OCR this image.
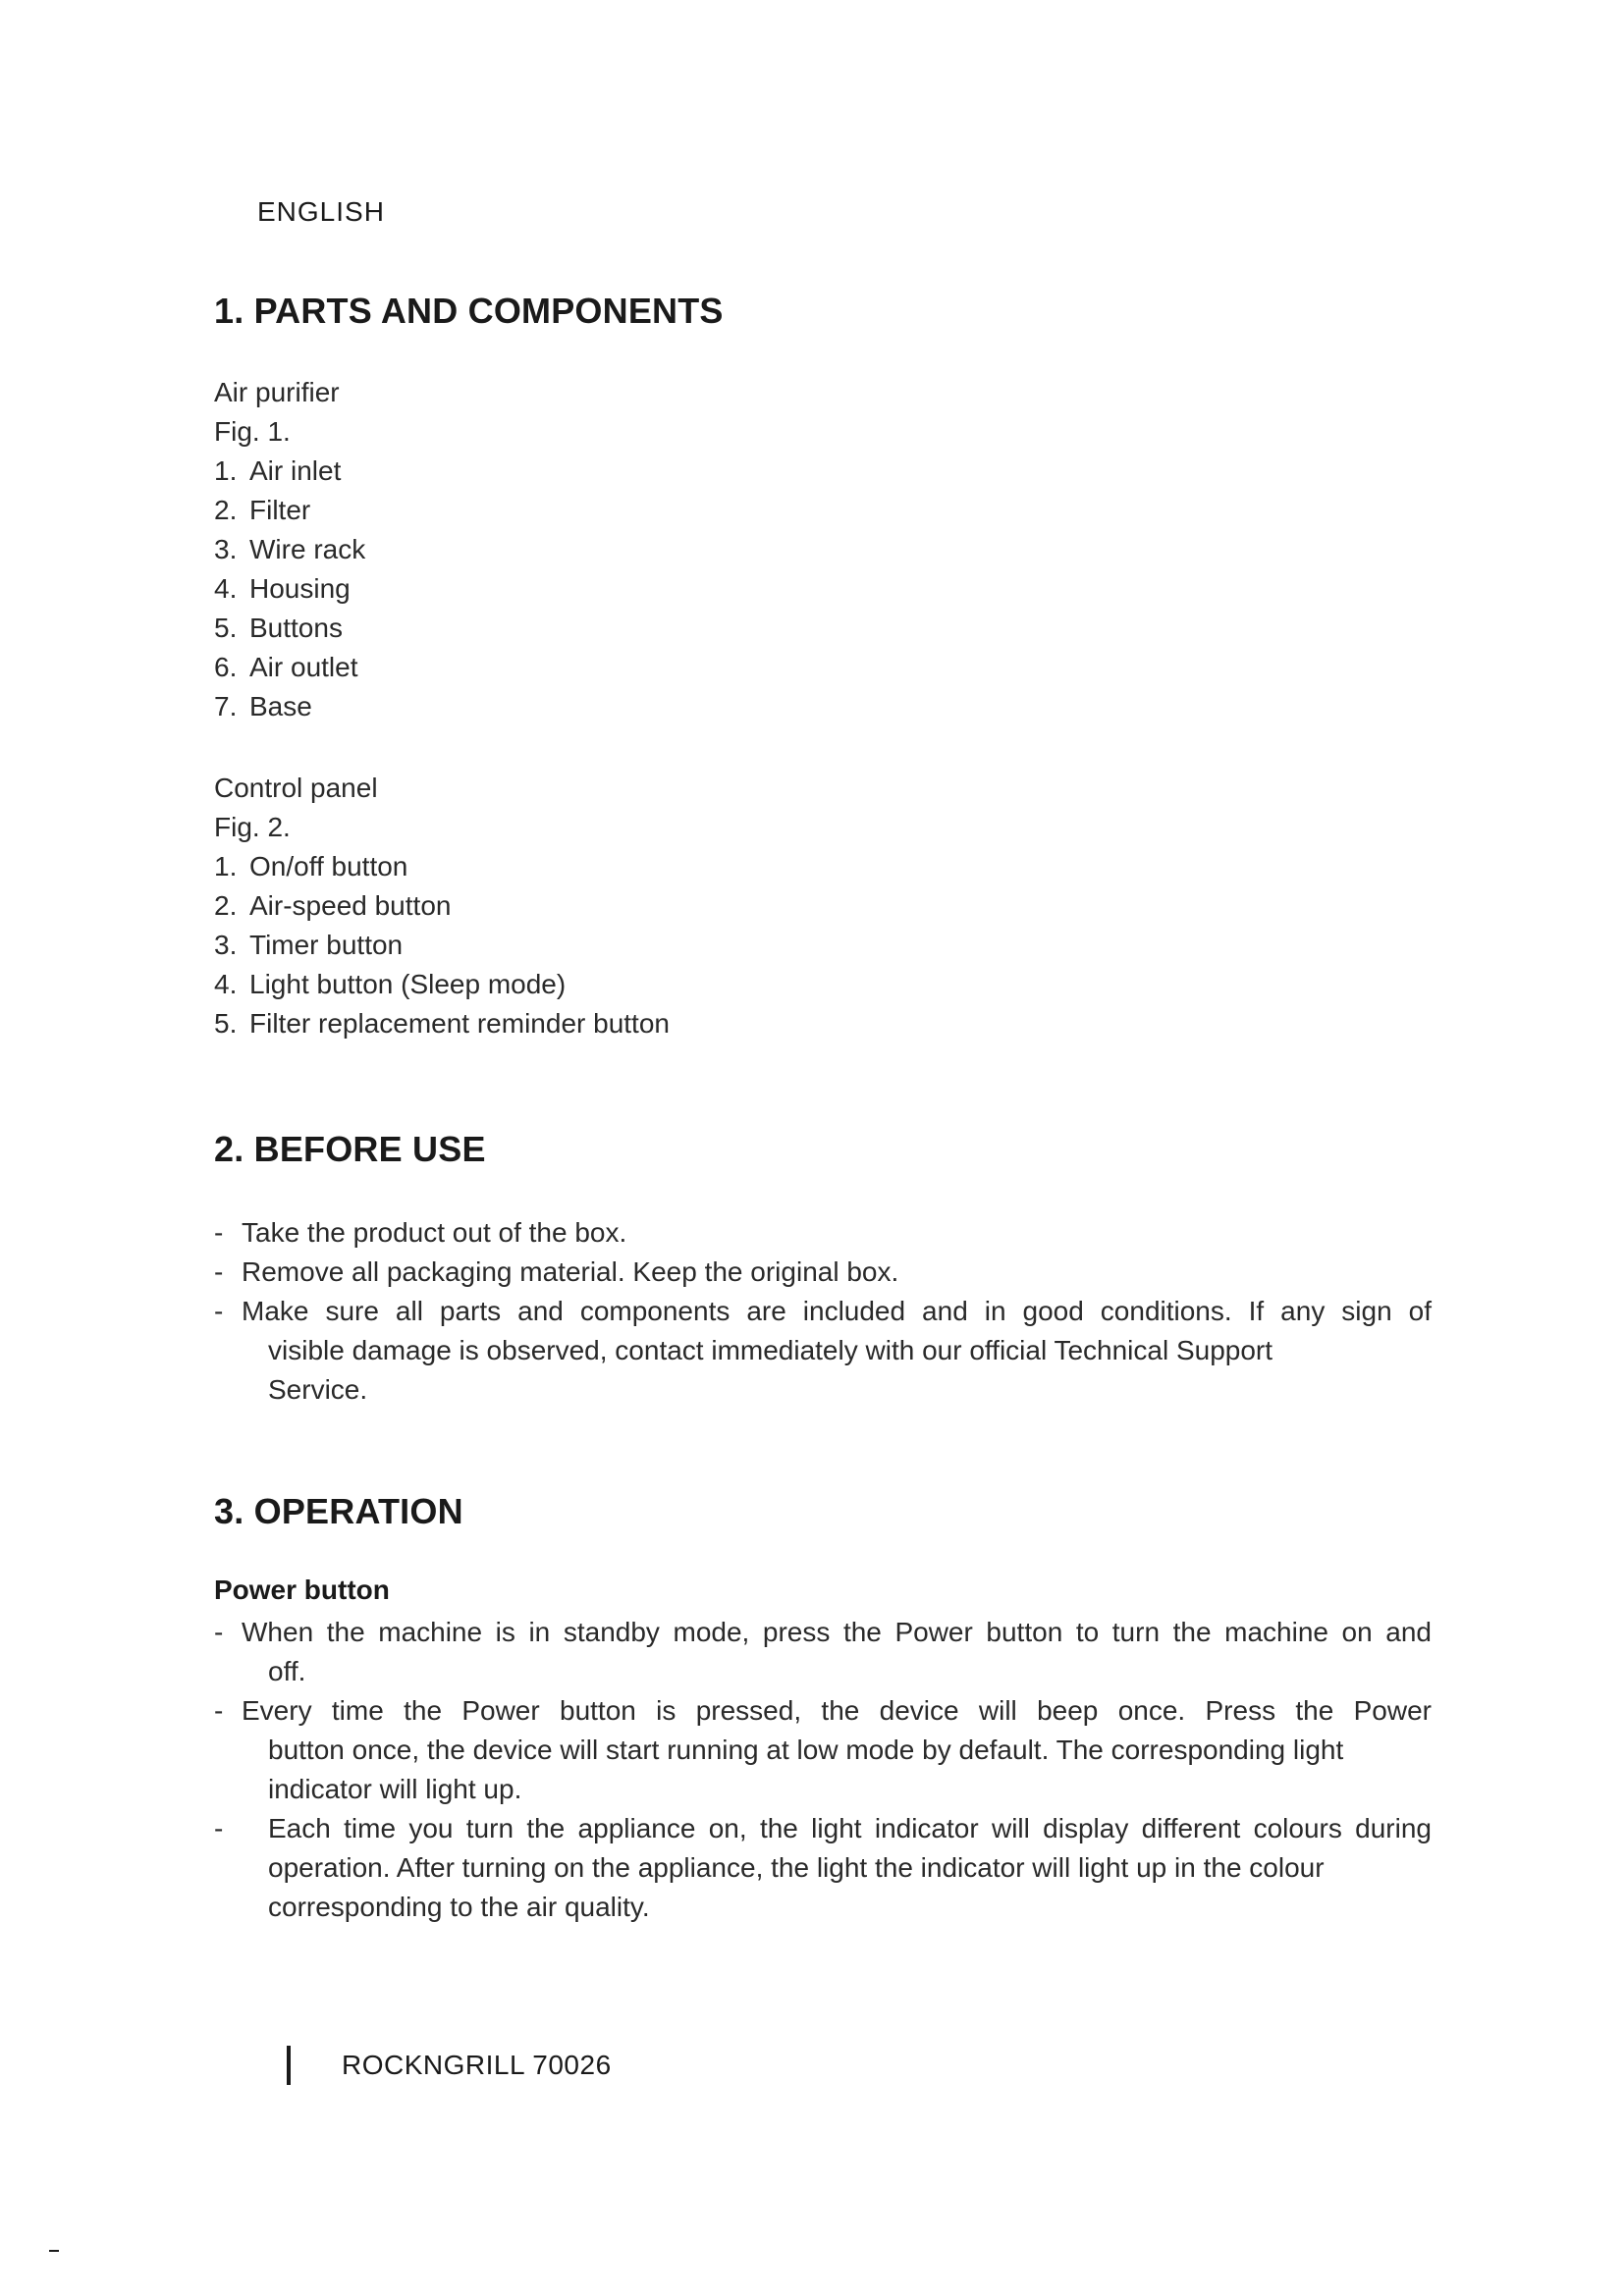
ENGLISH
1. PARTS AND COMPONENTS
Air purifier
Fig. 1.
1. Air inlet
2. Filter
3. Wire rack
4. Housing
5. Buttons
6. Air outlet
7. Base
Control panel
Fig. 2.
1. On/off button
2. Air-speed button
3. Timer button
4. Light button (Sleep mode)
5. Filter replacement reminder button
2. BEFORE USE
- Take the product out of the box.
- Remove all packaging material. Keep the original box.
- Make sure all parts and components are included and in good conditions. If any sign of
visible damage is observed, contact immediately with our official Technical Support
Service.
3. OPERATION
Power button
- When the machine is in standby mode, press the Power button to turn the machine on and
off.
- Every time the Power button is pressed, the device will beep once. Press the Power
button once, the device will start running at low mode by default. The corresponding light
indicator will light up.
-	Each time you turn the appliance on, the light indicator will display different colours during
operation. After turning on the appliance, the light the indicator will light up in the colour
corresponding to the air quality.
ROCKNGRILL 70026
